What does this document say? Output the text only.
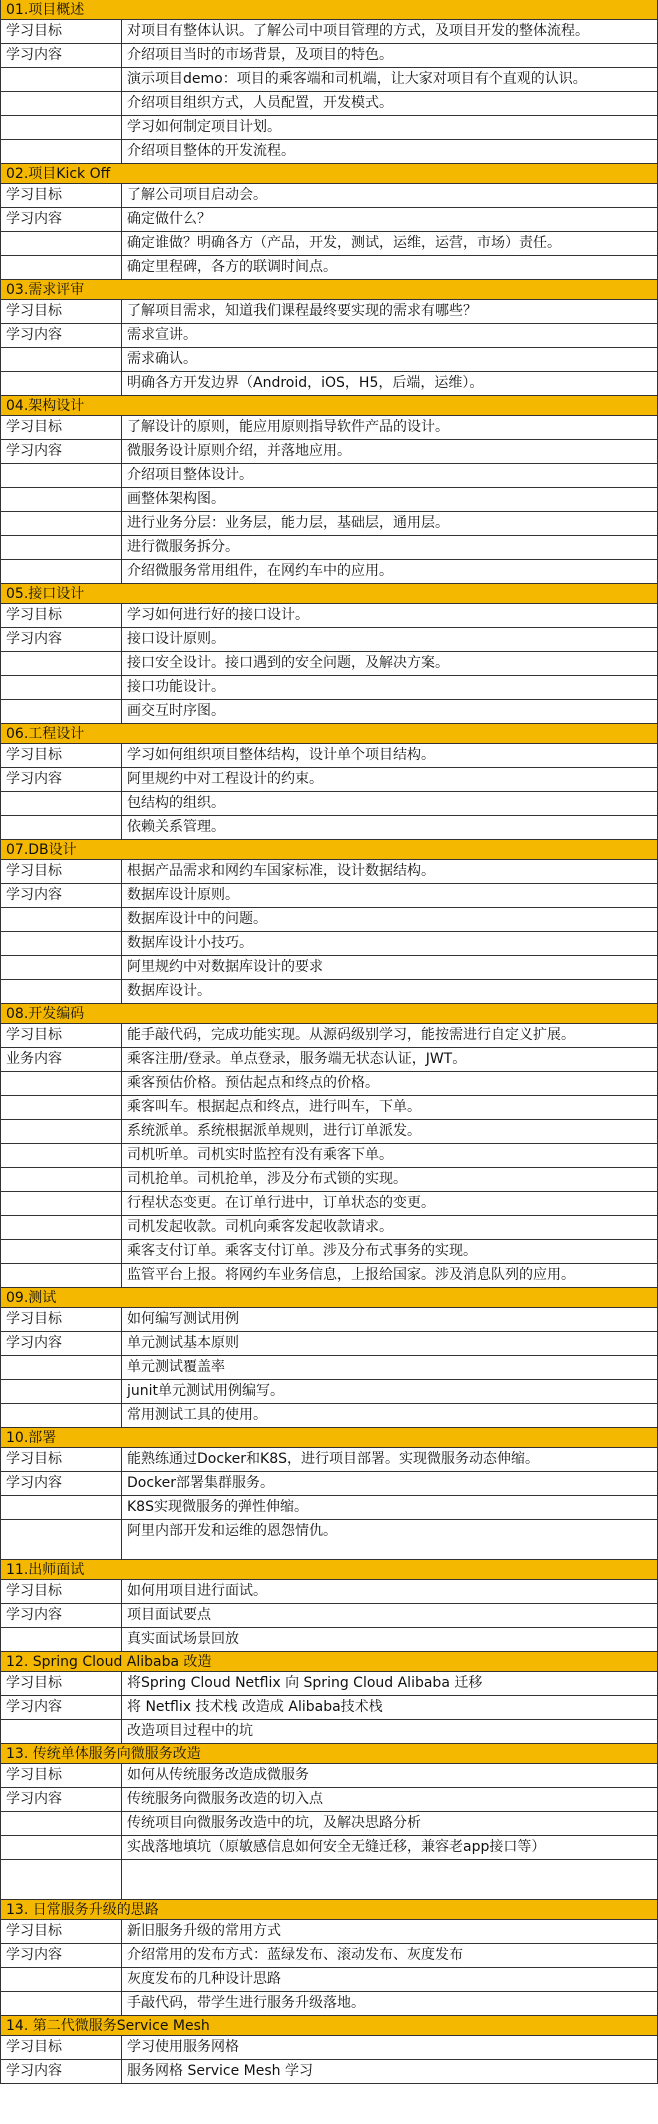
01.项目概述
学习目标	对项目有整体认识。了解公司中项目管理的方式，及项目开发的整体流程。
学习内容	介绍项目当时的市场背景，及项目的特色。
演示项目demo：项目的乘客端和司机端，让大家对项目有个直观的认识。
介绍项目组织方式，人员配置，开发模式。
学习如何制定项目计划。
介绍项目整体的开发流程。
02.项目Kick Off
学习目标	了解公司项目启动会。
学习内容	确定做什么？
确定谁做？明确各方（产品，开发，测试，运维，运营，市场）责任。
确定里程碑，各方的联调时间点。
03.需求评审
学习目标	了解项目需求，知道我们课程最终要实现的需求有哪些？
学习内容	需求宣讲。
需求确认。
明确各方开发边界（Android，iOS，H5，后端，运维）。
04.架构设计
学习目标	了解设计的原则，能应用原则指导软件产品的设计。
学习内容	微服务设计原则介绍，并落地应用。
介绍项目整体设计。
画整体架构图。
进行业务分层：业务层，能力层，基础层，通用层。
进行微服务拆分。
介绍微服务常用组件，在网约车中的应用。
05.接口设计
学习目标	学习如何进行好的接口设计。
学习内容	接口设计原则。
接口安全设计。接口遇到的安全问题，及解决方案。
接口功能设计。
画交互时序图。
06.工程设计
学习目标	学习如何组织项目整体结构，设计单个项目结构。
学习内容	阿里规约中对工程设计的约束。
包结构的组织。
依赖关系管理。
07.DB设计
学习目标	根据产品需求和网约车国家标准，设计数据结构。
学习内容	数据库设计原则。
数据库设计中的问题。
数据库设计小技巧。
阿里规约中对数据库设计的要求
数据库设计。
08.开发编码
学习目标	能手敲代码，完成功能实现。从源码级别学习，能按需进行自定义扩展。
业务内容	乘客注册/登录。单点登录，服务端无状态认证，JWT。
乘客预估价格。预估起点和终点的价格。
乘客叫车。根据起点和终点，进行叫车，下单。
系统派单。系统根据派单规则，进行订单派发。
司机听单。司机实时监控有没有乘客下单。
司机抢单。司机抢单，涉及分布式锁的实现。
行程状态变更。在订单行进中，订单状态的变更。
司机发起收款。司机向乘客发起收款请求。
乘客支付订单。乘客支付订单。涉及分布式事务的实现。
监管平台上报。将网约车业务信息，上报给国家。涉及消息队列的应用。
09.测试
学习目标	如何编写测试用例
学习内容	单元测试基本原则
单元测试覆盖率
junit单元测试用例编写。
常用测试工具的使用。
10.部署
学习目标	能熟练通过Docker和K8S，进行项目部署。实现微服务动态伸缩。
学习内容	Docker部署集群服务。
K8S实现微服务的弹性伸缩。
阿里内部开发和运维的恩怨情仇。
11.出师面试
学习目标	如何用项目进行面试。
学习内容	项目面试要点
真实面试场景回放
12. Spring Cloud Alibaba 改造
学习目标	将Spring Cloud Netflix 向 Spring Cloud Alibaba 迁移
学习内容	将 Netflix 技术栈 改造成 Alibaba技术栈
改造项目过程中的坑
13. 传统单体服务向微服务改造
学习目标	如何从传统服务改造成微服务
学习内容	传统服务向微服务改造的切入点
传统项目向微服务改造中的坑，及解决思路分析
实战落地填坑（原敏感信息如何安全无缝迁移，兼容老app接口等）
13. 日常服务升级的思路
学习目标	新旧服务升级的常用方式
学习内容	介绍常用的发布方式：蓝绿发布、滚动发布、灰度发布
灰度发布的几种设计思路
手敲代码，带学生进行服务升级落地。
14. 第二代微服务Service Mesh
学习目标	学习使用服务网格
学习内容	服务网格 Service Mesh 学习
